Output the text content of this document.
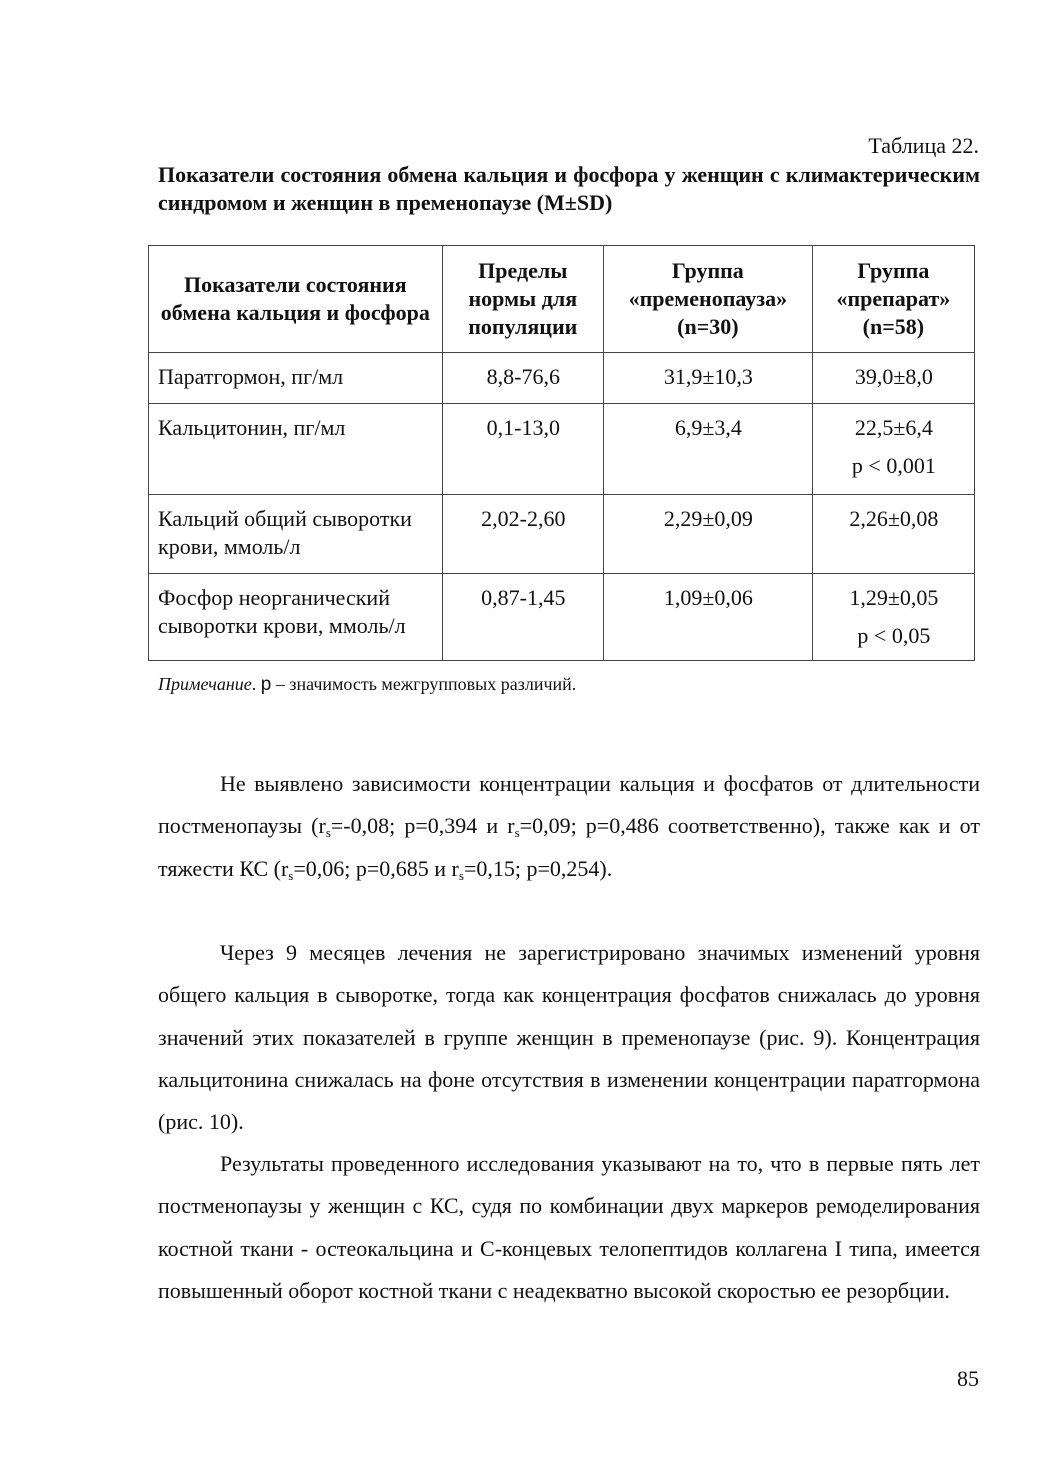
Таблица 22.
Показатели состояния обмена кальция и фосфора у женщин с климактерическим синдромом и женщин в пременопаузе (M±SD)
Показатели состояния обмена кальция и фосфора	Пределы нормы для популяции	Группа «пременопауза» (n=30)	Группа «препарат» (n=58)
Паратгормон, пг/мл	8,8-76,6	31,9±10,3	39,0±8,0
Кальцитонин, пг/мл	0,1-13,0	6,9±3,4	22,5±6,4
p < 0,001

Кальций общий сыворотки крови, ммоль/л	2,02-2,60	2,29±0,09	2,26±0,08
Фосфор неорганический сыворотки крови, ммоль/л	0,87-1,45	1,09±0,06	1,29±0,05
p < 0,05
Примечание. p – значимость межгрупповых различий.

Не выявлено зависимости концентрации кальция и фосфатов от длительности постменопаузы ($r_s=-0,08$; p=0,394 и $r_s=0,09$; p=0,486 соответственно), также как и от тяжести КС ($r_s=0,06$; p=0,685 и $r_s=0,15$; p=0,254).

Через 9 месяцев лечения не зарегистрировано значимых изменений уровня общего кальция в сыворотке, тогда как концентрация фосфатов снижалась до уровня значений этих показателей в группе женщин в пременопаузе (рис. 9). Концентрация кальцитонина снижалась на фоне отсутствия в изменении концентрации паратгормона (рис. 10).

Результаты проведенного исследования указывают на то, что в первые пять лет постменопаузы у женщин с КС, судя по комбинации двух маркеров ремоделирования костной ткани - остеокальцина и С-концевых телопептидов коллагена I типа, имеется повышенный оборот костной ткани с неадекватно высокой скоростью ее резорбции.

85
